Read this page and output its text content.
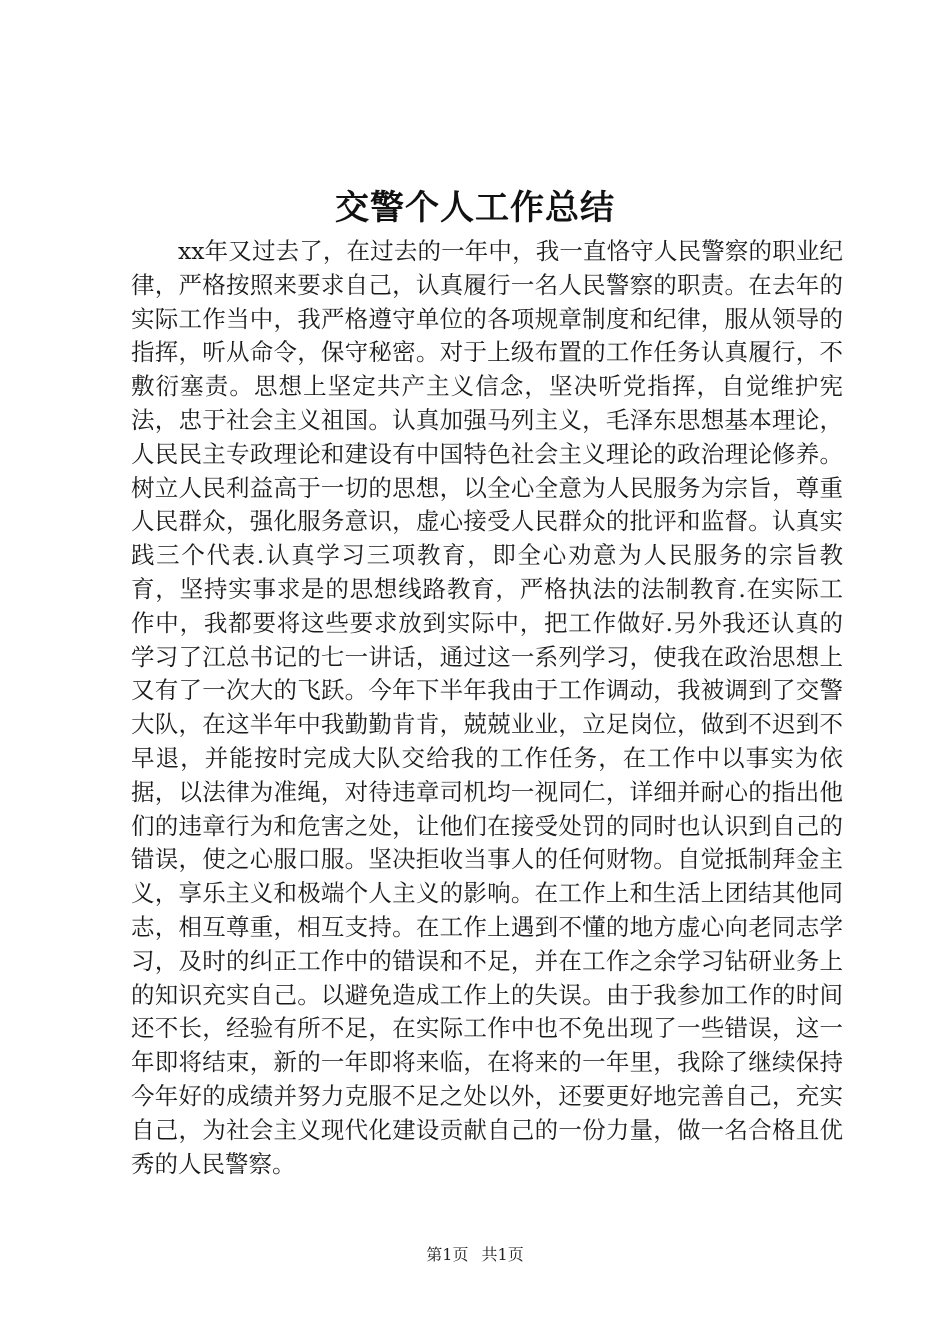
交警个人工作总结

xx年又过去了，在过去的一年中，我一直恪守人民警察的职业纪律，严格按照来要求自己，认真履行一名人民警察的职责。在去年的实际工作当中，我严格遵守单位的各项规章制度和纪律，服从领导的指挥，听从命令，保守秘密。对于上级布置的工作任务认真履行，不敷衍塞责。思想上坚定共产主义信念，坚决听党指挥，自觉维护宪法，忠于社会主义祖国。认真加强马列主义，毛泽东思想基本理论，人民民主专政理论和建设有中国特色社会主义理论的政治理论修养。树立人民利益高于一切的思想，以全心全意为人民服务为宗旨，尊重人民群众，强化服务意识，虚心接受人民群众的批评和监督。认真实践三个代表.认真学习三项教育，即全心劝意为人民服务的宗旨教育，坚持实事求是的思想线路教育，严格执法的法制教育.在实际工作中，我都要将这些要求放到实际中，把工作做好.另外我还认真的学习了江总书记的七一讲话，通过这一系列学习，使我在政治思想上又有了一次大的飞跃。今年下半年我由于工作调动，我被调到了交警大队，在这半年中我勤勤肯肯，兢兢业业，立足岗位，做到不迟到不早退，并能按时完成大队交给我的工作任务，在工作中以事实为依据，以法律为准绳，对待违章司机均一视同仁，详细并耐心的指出他们的违章行为和危害之处，让他们在接受处罚的同时也认识到自己的错误，使之心服口服。坚决拒收当事人的任何财物。自觉抵制拜金主义，享乐主义和极端个人主义的影响。在工作上和生活上团结其他同志，相互尊重，相互支持。在工作上遇到不懂的地方虚心向老同志学习，及时的纠正工作中的错误和不足，并在工作之余学习钻研业务上的知识充实自己。以避免造成工作上的失误。由于我参加工作的时间还不长，经验有所不足，在实际工作中也不免出现了一些错误，这一年即将结束，新的一年即将来临，在将来的一年里，我除了继续保持今年好的成绩并努力克服不足之处以外，还要更好地完善自己，充实自己，为社会主义现代化建设贡献自己的一份力量，做一名合格且优秀的人民警察。

第1页 共1页
